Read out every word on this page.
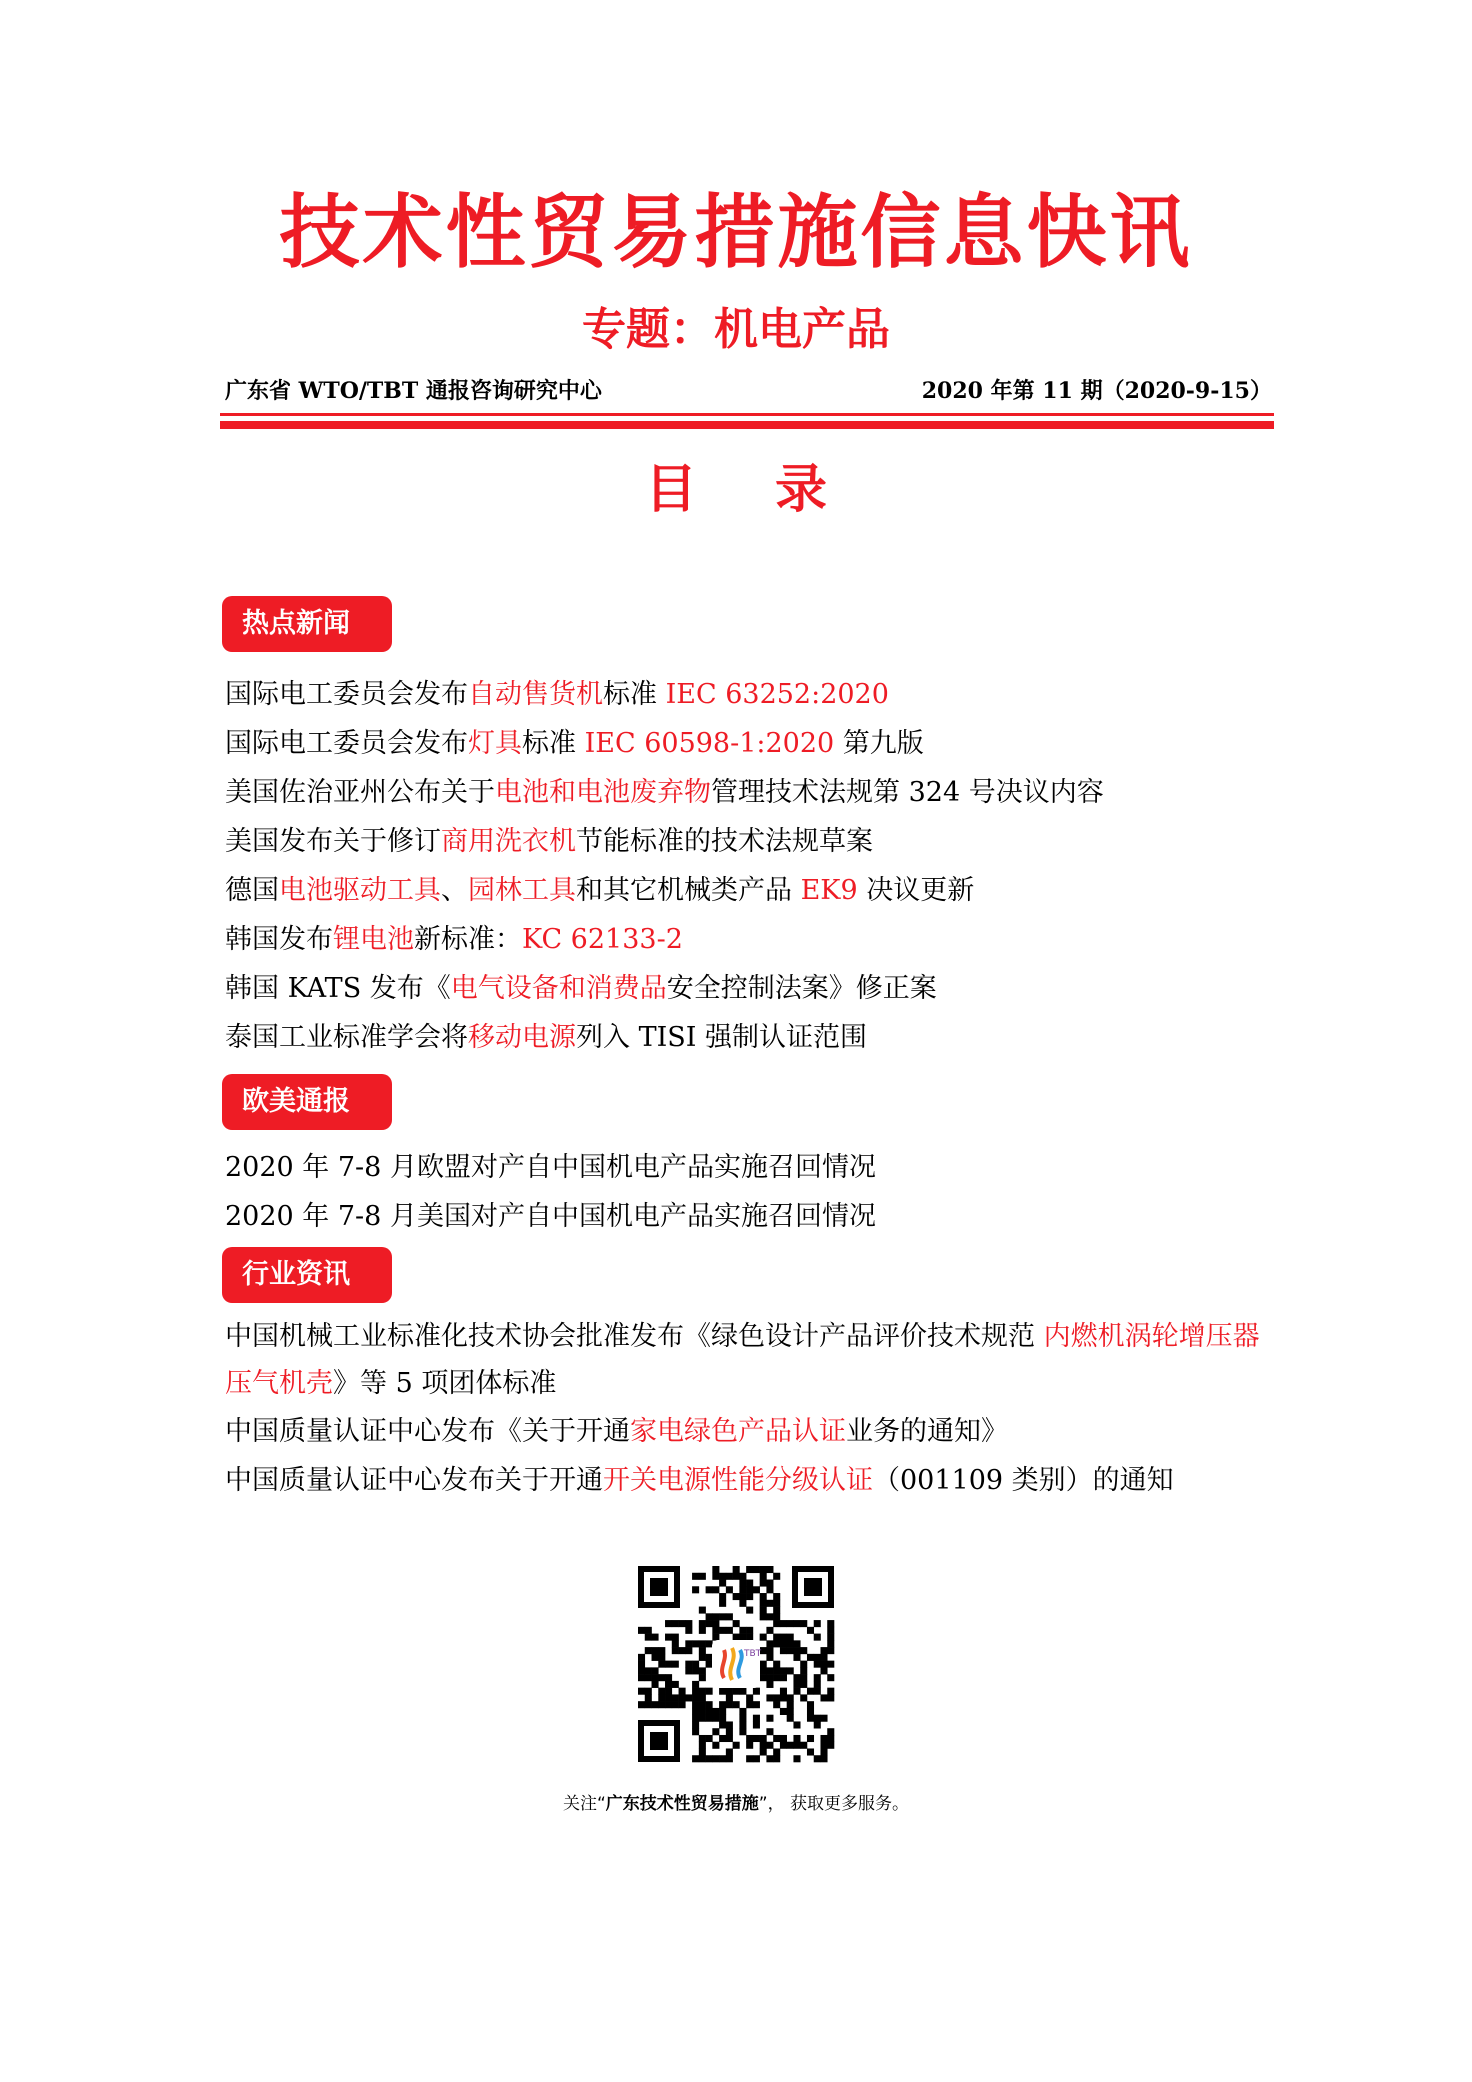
技术性贸易措施信息快讯
专题：机电产品
广东省 WTO/TBT 通报咨询研究中心	2020 年第 11 期（2020-9-15）
目 录
热点新闻
国际电工委员会发布自动售货机标准 IEC 63252:2020
国际电工委员会发布灯具标准 IEC 60598-1:2020 第九版
美国佐治亚州公布关于电池和电池废弃物管理技术法规第 324 号决议内容
美国发布关于修订商用洗衣机节能标准的技术法规草案
德国电池驱动工具、园林工具和其它机械类产品 EK9 决议更新
韩国发布锂电池新标准：KC 62133-2
韩国 KATS 发布《电气设备和消费品安全控制法案》修正案
泰国工业标准学会将移动电源列入 TISI 强制认证范围
欧美通报
2020 年 7-8 月欧盟对产自中国机电产品实施召回情况
2020 年 7-8 月美国对产自中国机电产品实施召回情况
行业资讯
中国机械工业标准化技术协会批准发布《绿色设计产品评价技术规范 内燃机涡轮增压器 压气机壳》等 5 项团体标准
中国质量认证中心发布《关于开通家电绿色产品认证业务的通知》
中国质量认证中心发布关于开通开关电源性能分级认证（001109 类别）的通知
TBT
关注“广东技术性贸易措施”， 获取更多服务。
